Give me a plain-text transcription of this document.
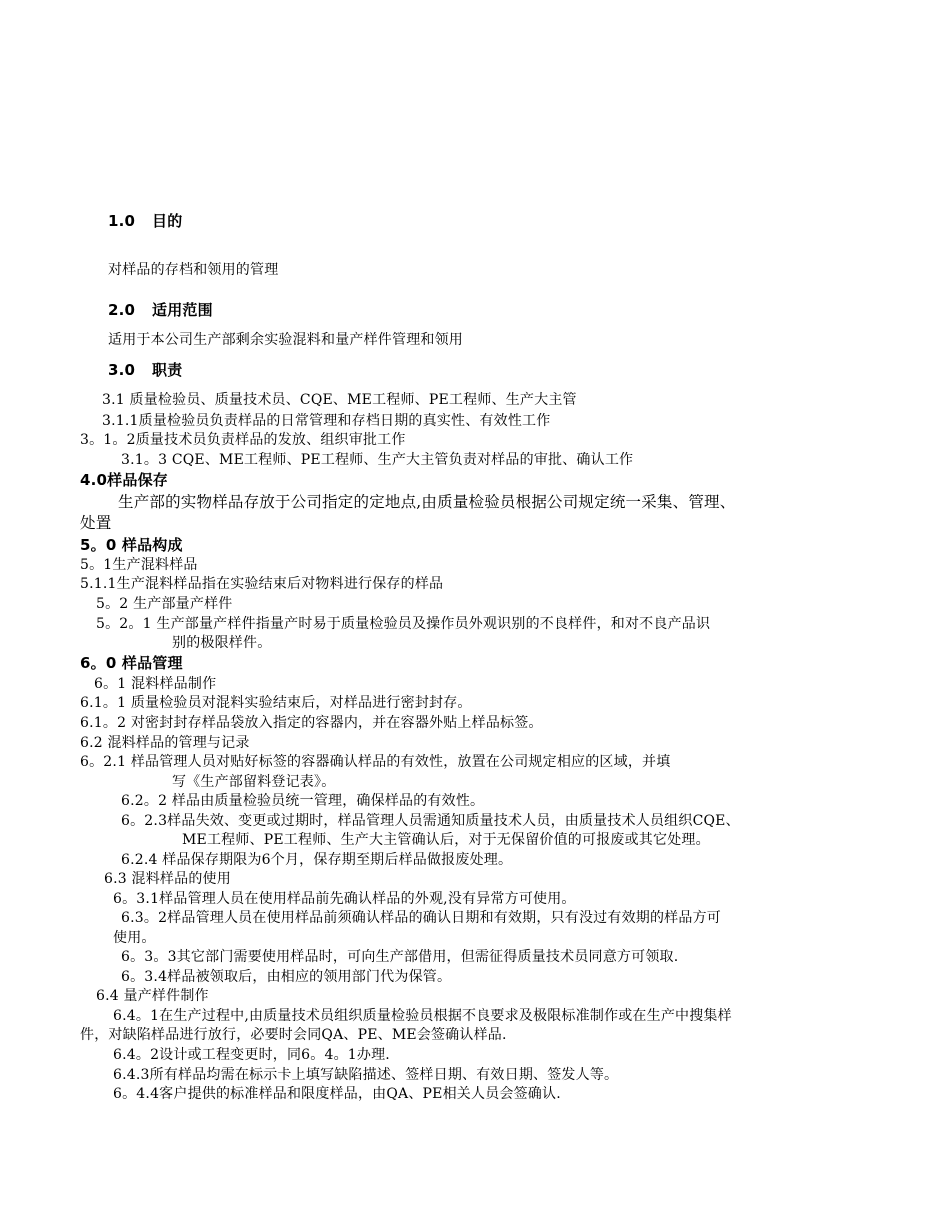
1.0 目的
对样品的存档和领用的管理
2.0 适用范围
适用于本公司生产部剩余实验混料和量产样件管理和领用
3.0 职责
3.1 质量检验员、质量技术员、CQE、ME工程师、PE工程师、生产大主管
3.1.1质量检验员负责样品的日常管理和存档日期的真实性、有效性工作
3。1。2质量技术员负责样品的发放、组织审批工作
3.1。3 CQE、ME工程师、PE工程师、生产大主管负责对样品的审批、确认工作
4.0样品保存
生产部的实物样品存放于公司指定的定地点,由质量检验员根据公司规定统一采集、管理、
处置
5。0 样品构成
5。1生产混料样品
5.1.1生产混料样品指在实验结束后对物料进行保存的样品
5。2 生产部量产样件
5。2。1 生产部量产样件指量产时易于质量检验员及操作员外观识别的不良样件，和对不良产品识
别的极限样件。
6。0 样品管理
6。1 混料样品制作
6.1。1 质量检验员对混料实验结束后，对样品进行密封封存。
6.1。2 对密封封存样品袋放入指定的容器内，并在容器外贴上样品标签。
6.2 混料样品的管理与记录
6。2.1 样品管理人员对贴好标签的容器确认样品的有效性，放置在公司规定相应的区域，并填
写《生产部留料登记表》。
6.2。2 样品由质量检验员统一管理，确保样品的有效性。
6。2.3样品失效、变更或过期时，样品管理人员需通知质量技术人员，由质量技术人员组织CQE、
ME工程师、PE工程师、生产大主管确认后，对于无保留价值的可报废或其它处理。
6.2.4 样品保存期限为6个月，保存期至期后样品做报废处理。
6.3 混料样品的使用
6。3.1样品管理人员在使用样品前先确认样品的外观,没有异常方可使用。
6.3。2样品管理人员在使用样品前须确认样品的确认日期和有效期，只有没过有效期的样品方可
使用。
6。3。3其它部门需要使用样品时，可向生产部借用，但需征得质量技术员同意方可领取.
6。3.4样品被领取后，由相应的领用部门代为保管。
6.4 量产样件制作
6.4。1在生产过程中,由质量技术员组织质量检验员根据不良要求及极限标准制作或在生产中搜集样
件，对缺陷样品进行放行，必要时会同QA、PE、ME会签确认样品.
6.4。2设计或工程变更时，同6。4。1办理.
6.4.3所有样品均需在标示卡上填写缺陷描述、签样日期、有效日期、签发人等。
6。4.4客户提供的标准样品和限度样品，由QA、PE相关人员会签确认.
